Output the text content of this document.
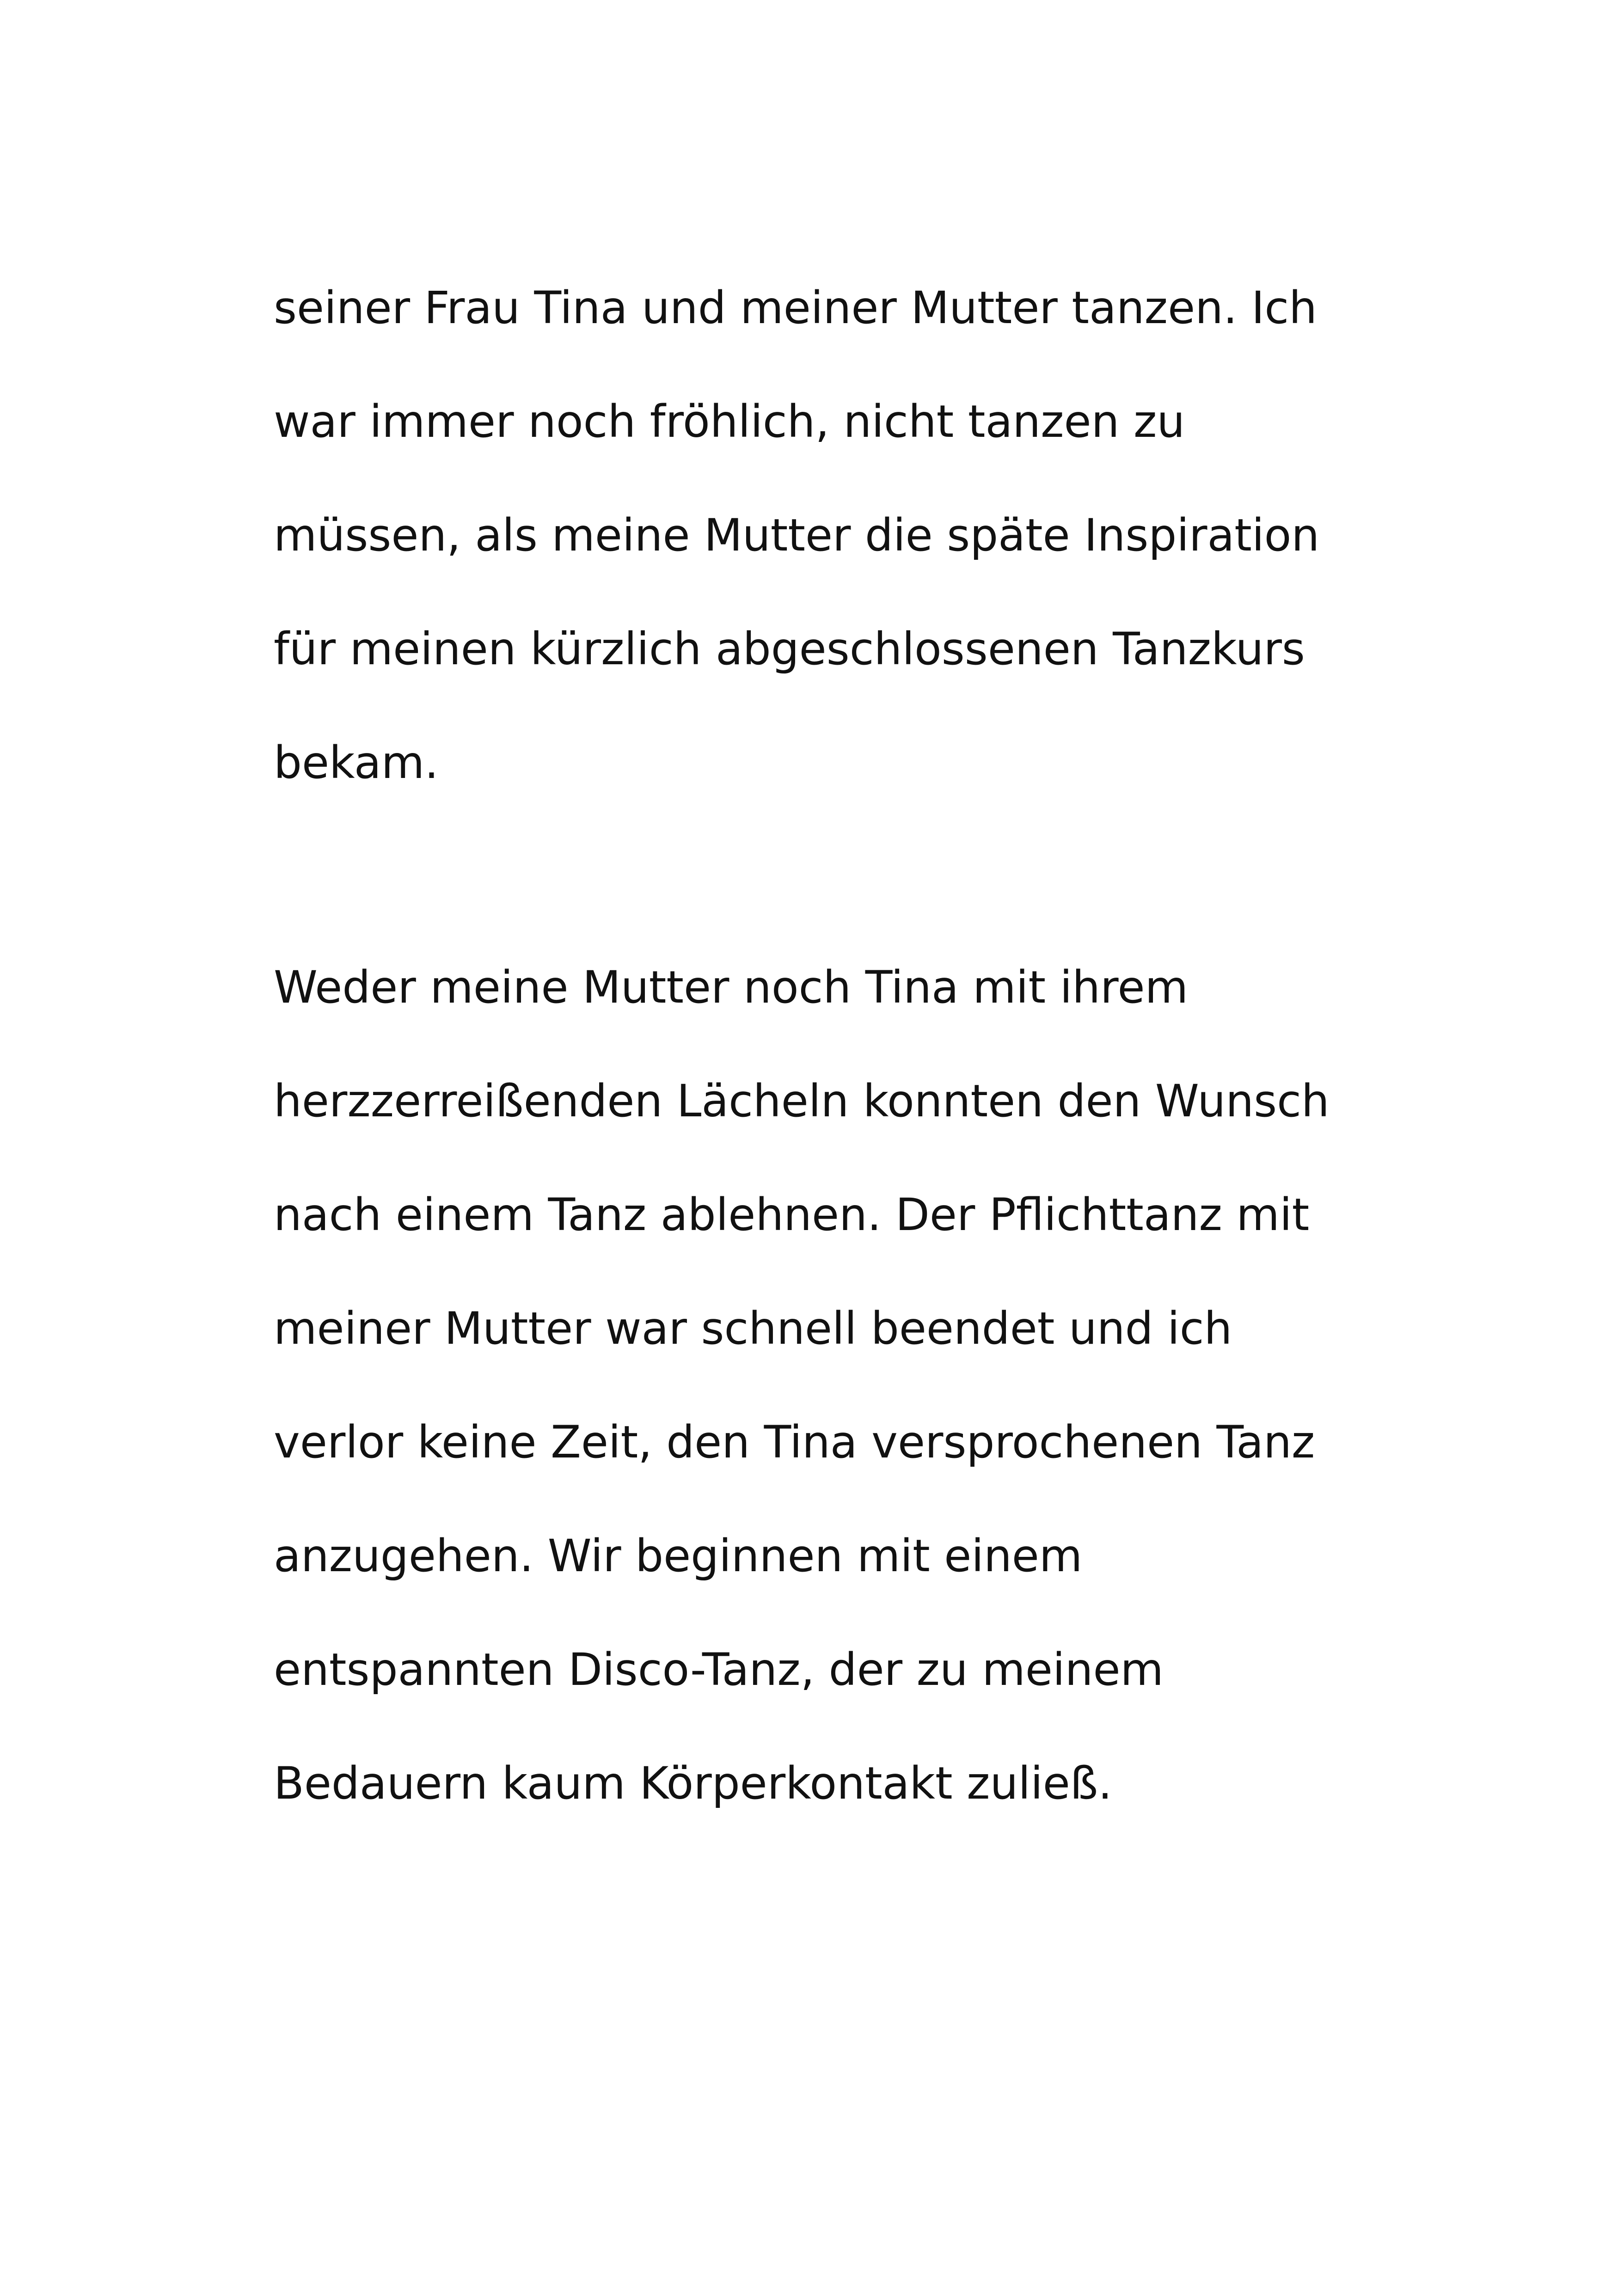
seiner Frau Tina und meiner Mutter tanzen. Ich
war immer noch fröhlich, nicht tanzen zu
müssen, als meine Mutter die späte Inspiration
für meinen kürzlich abgeschlossenen Tanzkurs
bekam.
Weder meine Mutter noch Tina mit ihrem
herzzerreißenden Lächeln konnten den Wunsch
nach einem Tanz ablehnen. Der Pflichttanz mit
meiner Mutter war schnell beendet und ich
verlor keine Zeit, den Tina versprochenen Tanz
anzugehen. Wir beginnen mit einem
entspannten Disco-Tanz, der zu meinem
Bedauern kaum Körperkontakt zuließ.
